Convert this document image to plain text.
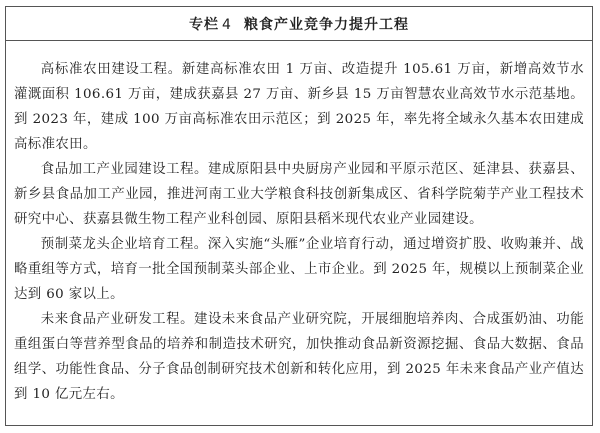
专栏 4 粮食产业竞争力提升工程

高标准农田建设工程。新建高标准农田 1 万亩、改造提升 105.61 万亩，新增高效节水灌溉面积 106.61 万亩，建成获嘉县 27 万亩、新乡县 15 万亩智慧农业高效节水示范基地。到 2023 年，建成 100 万亩高标准农田示范区；到 2025 年，率先将全域永久基本农田建成高标准农田。

食品加工产业园建设工程。建成原阳县中央厨房产业园和平原示范区、延津县、获嘉县、新乡县食品加工产业园，推进河南工业大学粮食科技创新集成区、省科学院菊芋产业工程技术研究中心、获嘉县微生物工程产业科创园、原阳县稻米现代农业产业园建设。

预制菜龙头企业培育工程。深入实施“头雁”企业培育行动，通过增资扩股、收购兼并、战略重组等方式，培育一批全国预制菜头部企业、上市企业。到 2025 年，规模以上预制菜企业达到 60 家以上。

未来食品产业研发工程。建设未来食品产业研究院，开展细胞培养肉、合成蛋奶油、功能重组蛋白等营养型食品的培养和制造技术研究，加快推动食品新资源挖掘、食品大数据、食品组学、功能性食品、分子食品创制研究技术创新和转化应用，到 2025 年未来食品产业产值达到 10 亿元左右。
